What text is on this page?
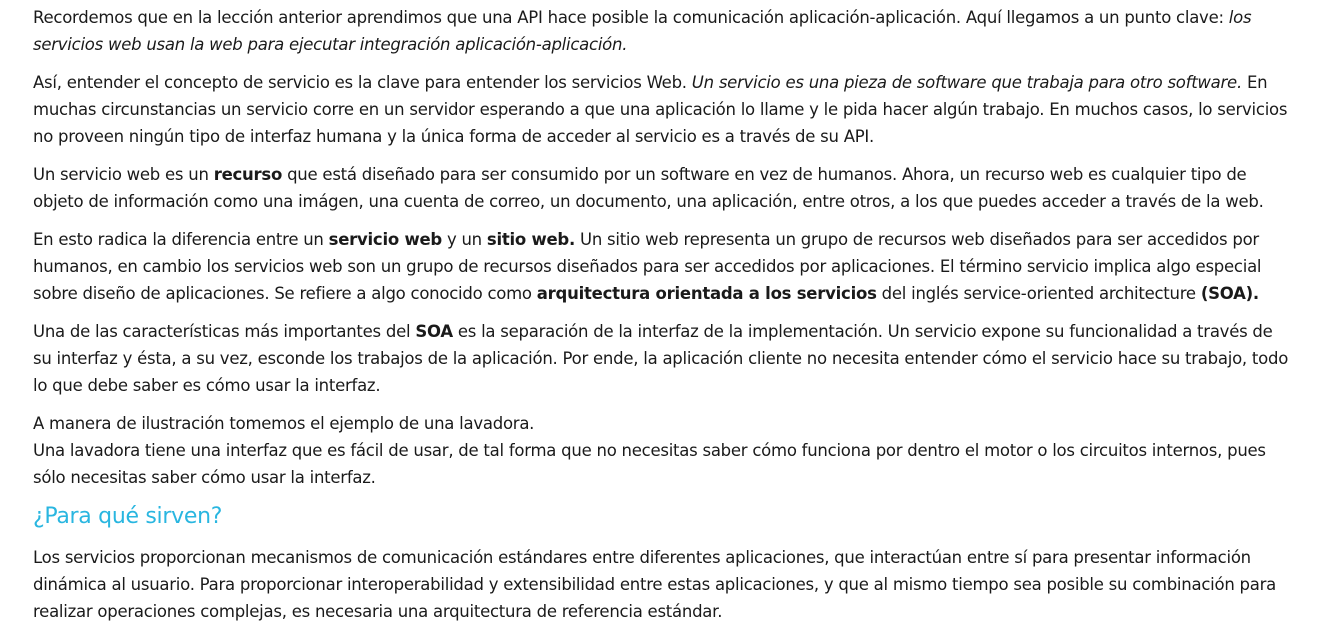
Recordemos que en la lección anterior aprendimos que una API hace posible la comunicación aplicación-aplicación. Aquí llegamos a un punto clave: los servicios web usan la web para ejecutar integración aplicación-aplicación.

Así, entender el concepto de servicio es la clave para entender los servicios Web. Un servicio es una pieza de software que trabaja para otro software. En muchas circunstancias un servicio corre en un servidor esperando a que una aplicación lo llame y le pida hacer algún trabajo. En muchos casos, lo servicios no proveen ningún tipo de interfaz humana y la única forma de acceder al servicio es a través de su API.

Un servicio web es un recurso que está diseñado para ser consumido por un software en vez de humanos. Ahora, un recurso web es cualquier tipo de objeto de información como una imágen, una cuenta de correo, un documento, una aplicación, entre otros, a los que puedes acceder a través de la web.

En esto radica la diferencia entre un servicio web y un sitio web. Un sitio web representa un grupo de recursos web diseñados para ser accedidos por humanos, en cambio los servicios web son un grupo de recursos diseñados para ser accedidos por aplicaciones. El término servicio implica algo especial sobre diseño de aplicaciones. Se refiere a algo conocido como arquitectura orientada a los servicios del inglés service-oriented architecture (SOA).

Una de las características más importantes del SOA es la separación de la interfaz de la implementación. Un servicio expone su funcionalidad a través de su interfaz y ésta, a su vez, esconde los trabajos de la aplicación. Por ende, la aplicación cliente no necesita entender cómo el servicio hace su trabajo, todo lo que debe saber es cómo usar la interfaz.

A manera de ilustración tomemos el ejemplo de una lavadora.
Una lavadora tiene una interfaz que es fácil de usar, de tal forma que no necesitas saber cómo funciona por dentro el motor o los circuitos internos, pues sólo necesitas saber cómo usar la interfaz.

¿Para qué sirven?

Los servicios proporcionan mecanismos de comunicación estándares entre diferentes aplicaciones, que interactúan entre sí para presentar información dinámica al usuario. Para proporcionar interoperabilidad y extensibilidad entre estas aplicaciones, y que al mismo tiempo sea posible su combinación para realizar operaciones complejas, es necesaria una arquitectura de referencia estándar.
